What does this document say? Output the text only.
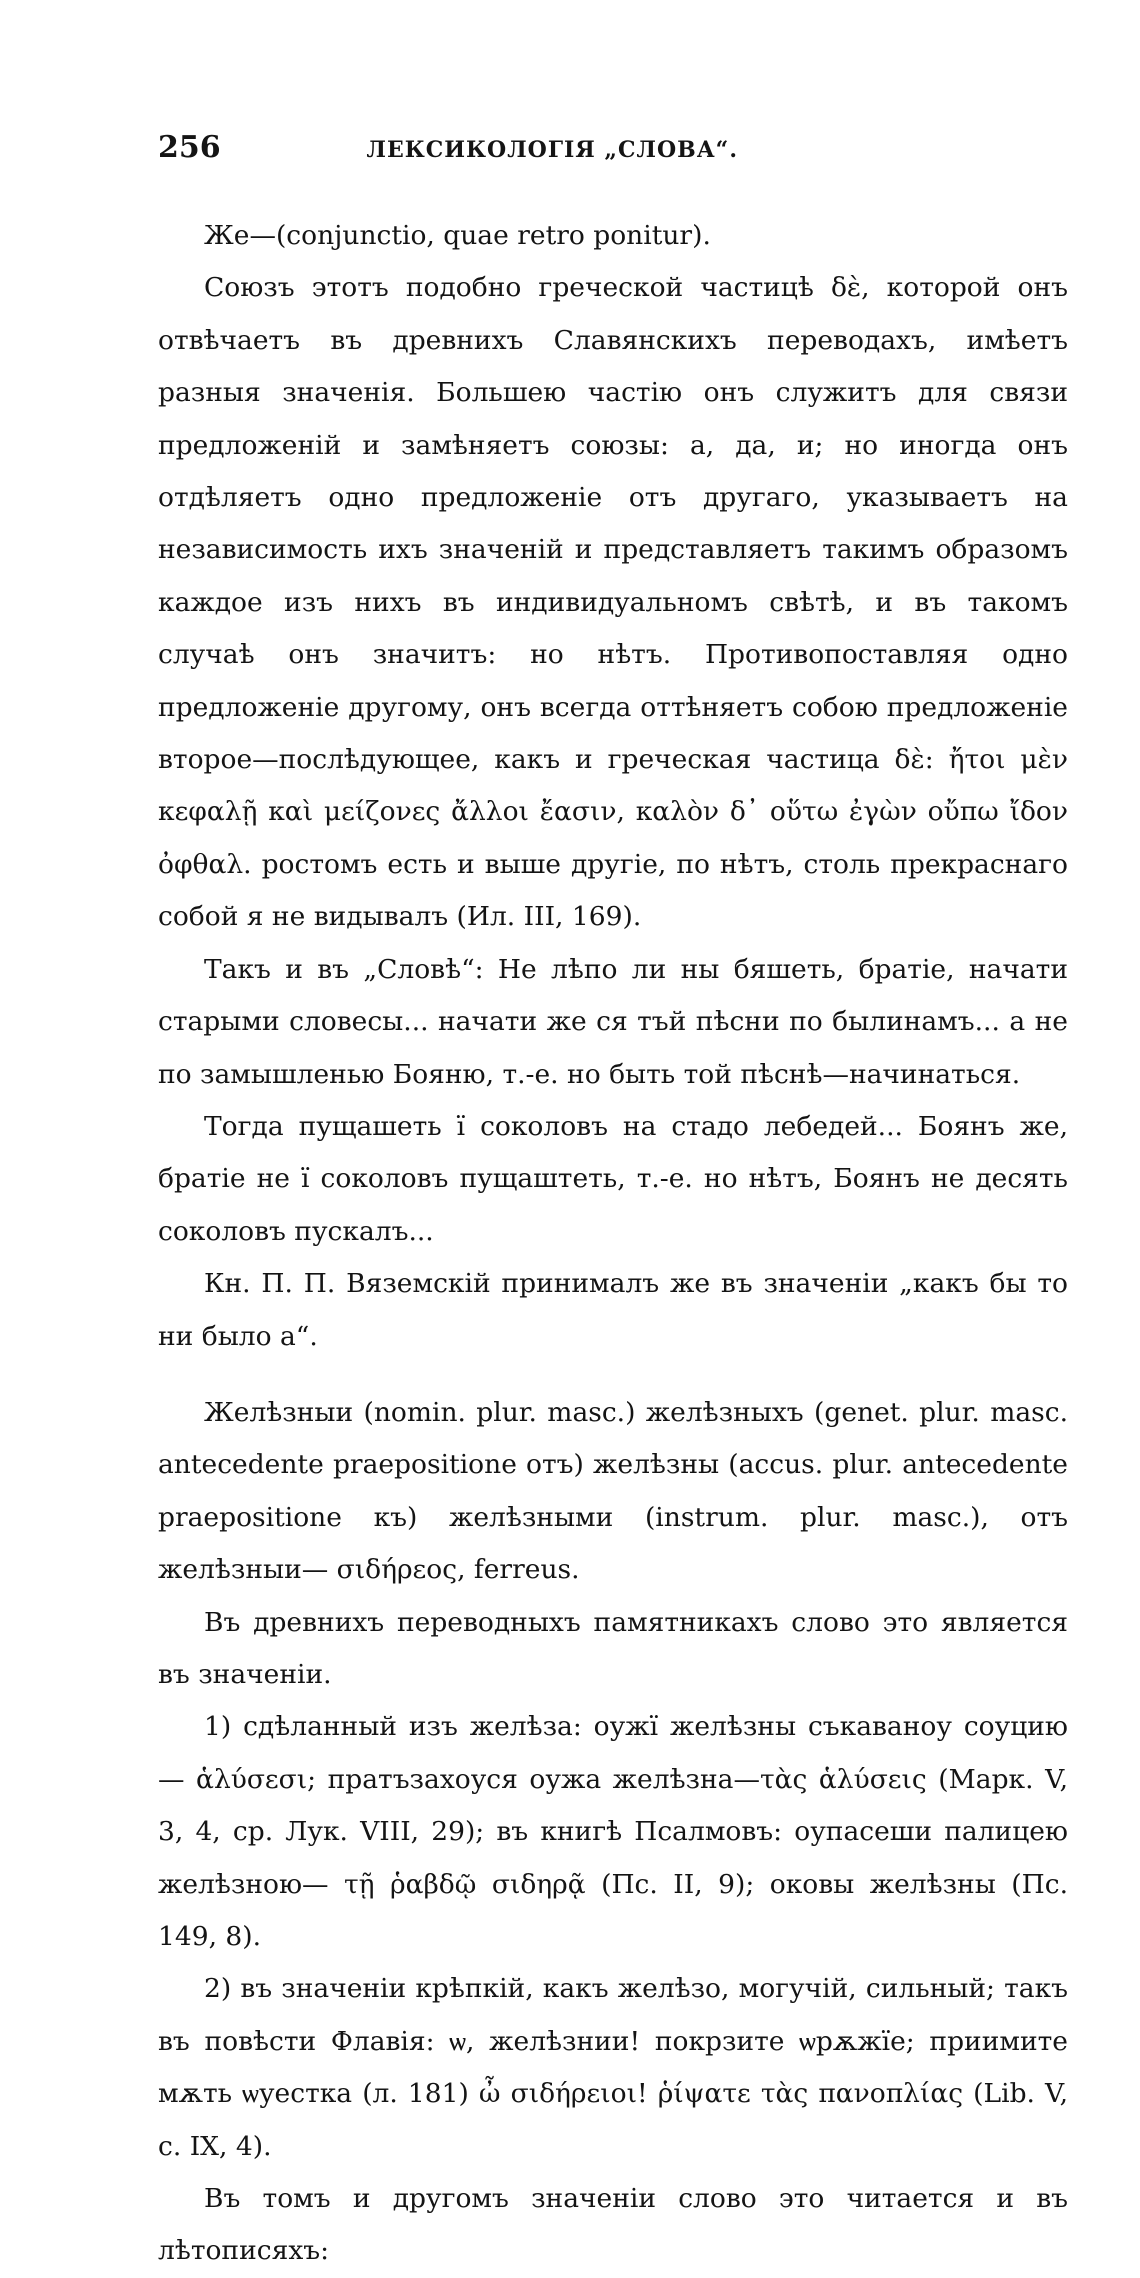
256	ЛЕКСИКОЛОГІЯ „СЛОВА“.

Же—(conjunctio, quae retro ponitur).

Союзъ этотъ подобно греческой частицѣ δὲ, которой онъ отвѣчаетъ въ древнихъ Славянскихъ переводахъ, имѣетъ разныя значенія. Большею частію онъ служитъ для связи предложеній и замѣняетъ союзы: а, да, и; но иногда онъ отдѣляетъ одно предложеніе отъ другаго, указываетъ на независимость ихъ значеній и представляетъ такимъ образомъ каждое изъ нихъ въ индивидуальномъ свѣтѣ, и въ такомъ случаѣ онъ значитъ: но нѣтъ. Противопоставляя одно предложеніе другому, онъ всегда оттѣняетъ собою предложеніе второе—послѣдующее, какъ и греческая частица δὲ: ἤτοι μὲν κεφαλῇ καὶ μείζονες ἄλλοι ἔασιν, καλὸν δ᾽ οὕτω ἐγὼν οὔπω ἴδον ὀφθαλ. ростомъ есть и выше другіе, по нѣтъ, столь прекраснаго собой я не видывалъ (Ил. III, 169).

Такъ и въ „Словѣ“: Не лѣпо ли ны бяшеть, братіе, начати старыми словесы... начати же ся тъй пѣсни по былинамъ... а не по замышленью Бояню, т.-е. но быть той пѣснѣ—начинаться.

Тогда пущашеть ї соколовъ на стадо лебедей... Боянъ же, братіе не ї соколовъ пущаштеть, т.-е. но нѣтъ, Боянъ не десять соколовъ пускалъ...

Кн. П. П. Вяземскій принималъ же въ значеніи „какъ бы то ни было а“.

Желѣзныи (nomin. plur. masc.) желѣзныхъ (genet. plur. masc. antecedente praepositione отъ) желѣзны (accus. plur. antecedente praepositione къ) желѣзными (instrum. plur. masc.), отъ желѣзныи— σιδήρεος, ferreus.

Въ древнихъ переводныхъ памятникахъ слово это является въ значеніи.

1) сдѣланный изъ желѣза: оужї желѣзны съкаваноу соуцию— ἁλύσεσι; пратъзахоуся оужа желѣзна—τὰς ἁλύσεις (Марк. V, 3, 4, ср. Лук. VIII, 29); въ книгѣ Псалмовъ: оупасеши палицею желѣзною— τῇ ῥαβδῷ σιδηρᾷ (Пс. II, 9); оковы желѣзны (Пс. 149, 8).

2) въ значеніи крѣпкій, какъ желѣзо, могучій, сильный; такъ въ повѣсти Флавія: ѡ, желѣзнии! покрзите ѡрѫжїе; приимите мѫть ѡуестка (л. 181) ὦ σιδήρειοι! ῥίψατε τὰς πανοπλίας (Lib. V, c. IX, 4).

Въ томъ и другомъ значеніи слово это читается и въ лѣтописяхъ:
